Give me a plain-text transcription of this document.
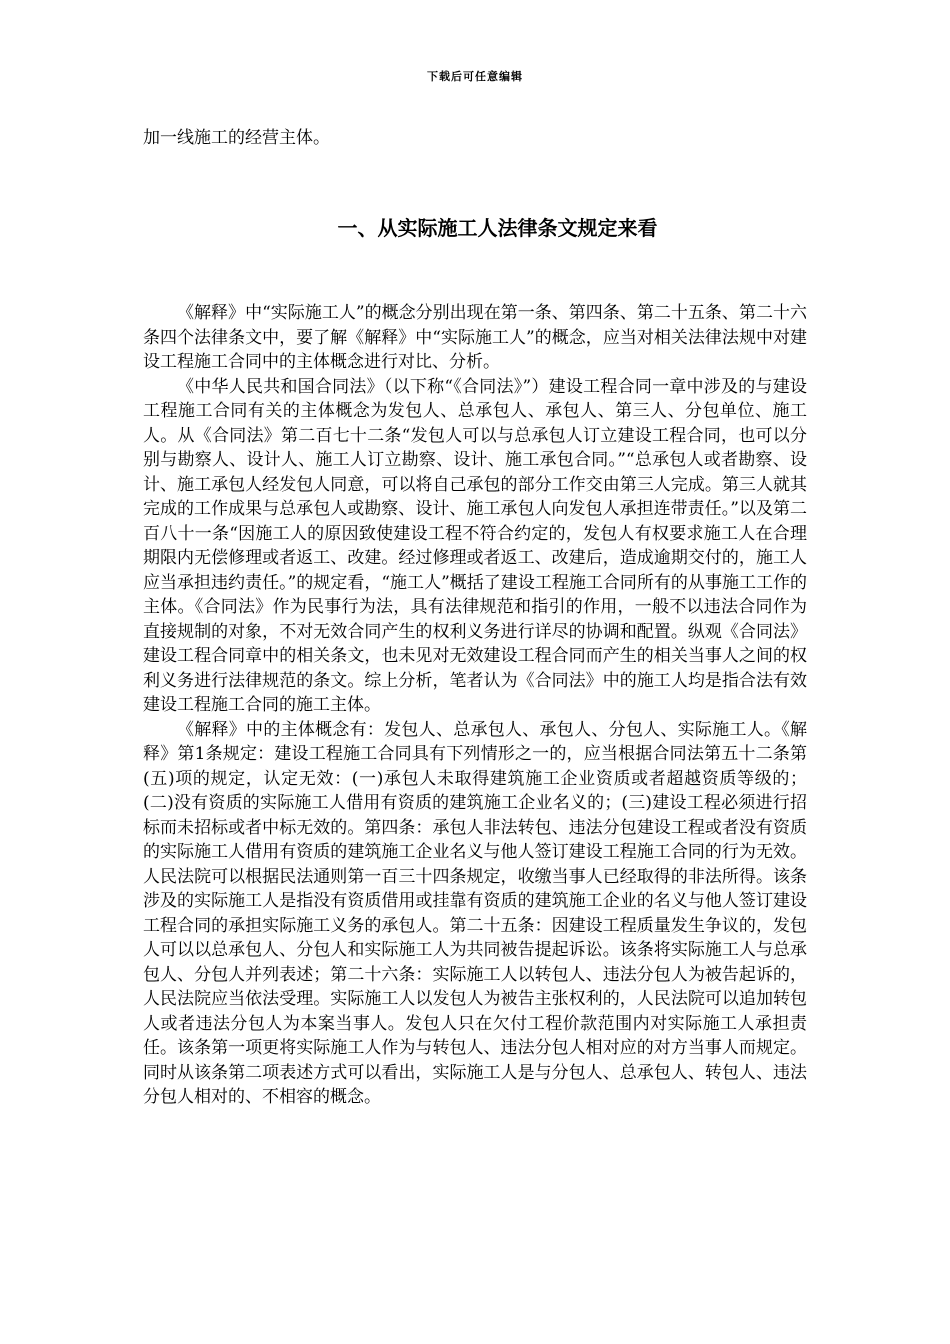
下载后可任意编辑
加一线施工的经营主体。
一、从实际施工人法律条文规定来看

《解释》中“实际施工人”的概念分别出现在第一条、第四条、第二十五条、第二十六条四个法律条文中，要了解《解释》中“实际施工人”的概念，应当对相关法律法规中对建设工程施工合同中的主体概念进行对比、分析。

《中华人民共和国合同法》（以下称“《合同法》”）建设工程合同一章中涉及的与建设工程施工合同有关的主体概念为发包人、总承包人、承包人、第三人、分包单位、施工人。从《合同法》第二百七十二条“发包人可以与总承包人订立建设工程合同，也可以分别与勘察人、设计人、施工人订立勘察、设计、施工承包合同。”“总承包人或者勘察、设计、施工承包人经发包人同意，可以将自己承包的部分工作交由第三人完成。第三人就其完成的工作成果与总承包人或勘察、设计、施工承包人向发包人承担连带责任。”以及第二百八十一条“因施工人的原因致使建设工程不符合约定的，发包人有权要求施工人在合理期限内无偿修理或者返工、改建。经过修理或者返工、改建后，造成逾期交付的，施工人应当承担违约责任。”的规定看，“施工人”概括了建设工程施工合同所有的从事施工工作的主体。《合同法》作为民事行为法，具有法律规范和指引的作用，一般不以违法合同作为直接规制的对象，不对无效合同产生的权利义务进行详尽的协调和配置。纵观《合同法》建设工程合同章中的相关条文，也未见对无效建设工程合同而产生的相关当事人之间的权利义务进行法律规范的条文。综上分析，笔者认为《合同法》中的施工人均是指合法有效建设工程施工合同的施工主体。

《解释》中的主体概念有：发包人、总承包人、承包人、分包人、实际施工人。《解释》第1条规定：建设工程施工合同具有下列情形之一的，应当根据合同法第五十二条第(五)项的规定，认定无效：(一)承包人未取得建筑施工企业资质或者超越资质等级的；(二)没有资质的实际施工人借用有资质的建筑施工企业名义的；(三)建设工程必须进行招标而未招标或者中标无效的。第四条：承包人非法转包、违法分包建设工程或者没有资质的实际施工人借用有资质的建筑施工企业名义与他人签订建设工程施工合同的行为无效。人民法院可以根据民法通则第一百三十四条规定，收缴当事人已经取得的非法所得。该条涉及的实际施工人是指没有资质借用或挂靠有资质的建筑施工企业的名义与他人签订建设工程合同的承担实际施工义务的承包人。第二十五条：因建设工程质量发生争议的，发包人可以以总承包人、分包人和实际施工人为共同被告提起诉讼。该条将实际施工人与总承包人、分包人并列表述；第二十六条：实际施工人以转包人、违法分包人为被告起诉的，人民法院应当依法受理。实际施工人以发包人为被告主张权利的，人民法院可以追加转包人或者违法分包人为本案当事人。发包人只在欠付工程价款范围内对实际施工人承担责任。该条第一项更将实际施工人作为与转包人、违法分包人相对应的对方当事人而规定。同时从该条第二项表述方式可以看出，实际施工人是与分包人、总承包人、转包人、违法分包人相对的、不相容的概念。
